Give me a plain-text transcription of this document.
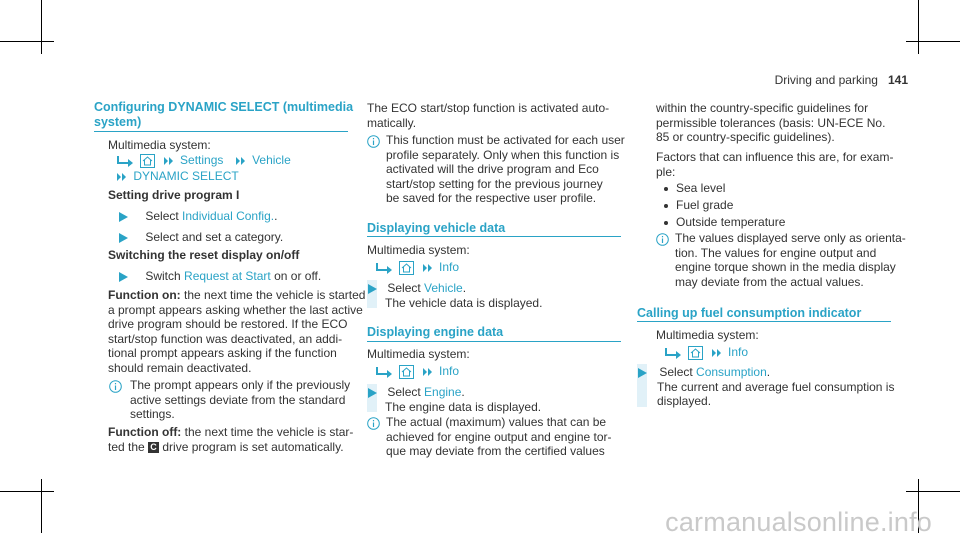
Driving and parking 141
Configuring DYNAMIC SELECT (multimedia
system)

Multimedia system:

Settings Vehicle
DYNAMIC SELECT

Setting drive program I

Select Individual Config..
Select and set a category.

Switching the reset display on/off

Switch Request at Start on or off.
Function on: the next time the vehicle is started
a prompt appears asking whether the last active
drive program should be restored. If the ECO
start/stop function was deactivated, an addi-
tional prompt appears asking if the function
should remain deactivated.
The prompt appears only if the previously
active settings deviate from the standard
settings.
Function off: the next time the vehicle is star-
ted the C drive program is set automatically.
The ECO start/stop function is activated auto-
matically.
This function must be activated for each user
profile separately. Only when this function is
activated will the drive program and Eco
start/stop setting for the previous journey
be saved for the respective user profile.
Displaying vehicle data

Multimedia system:

Info
Select Vehicle.
The vehicle data is displayed.
Displaying engine data

Multimedia system:

Info
Select Engine.
The engine data is displayed.
The actual (maximum) values that can be
achieved for engine output and engine tor-
que may deviate from the certified values
within the country-specific guidelines for
permissible tolerances (basis: UN-ECE No.
85 or country-specific guidelines).
Factors that can influence this are, for exam-
ple:
Sea level
Fuel grade
Outside temperature
The values displayed serve only as orienta-
tion. The values for engine output and
engine torque shown in the media display
may deviate from the actual values.
Calling up fuel consumption indicator

Multimedia system:

Info
Select Consumption.
The current and average fuel consumption is
displayed.
carmanualsonline.info
